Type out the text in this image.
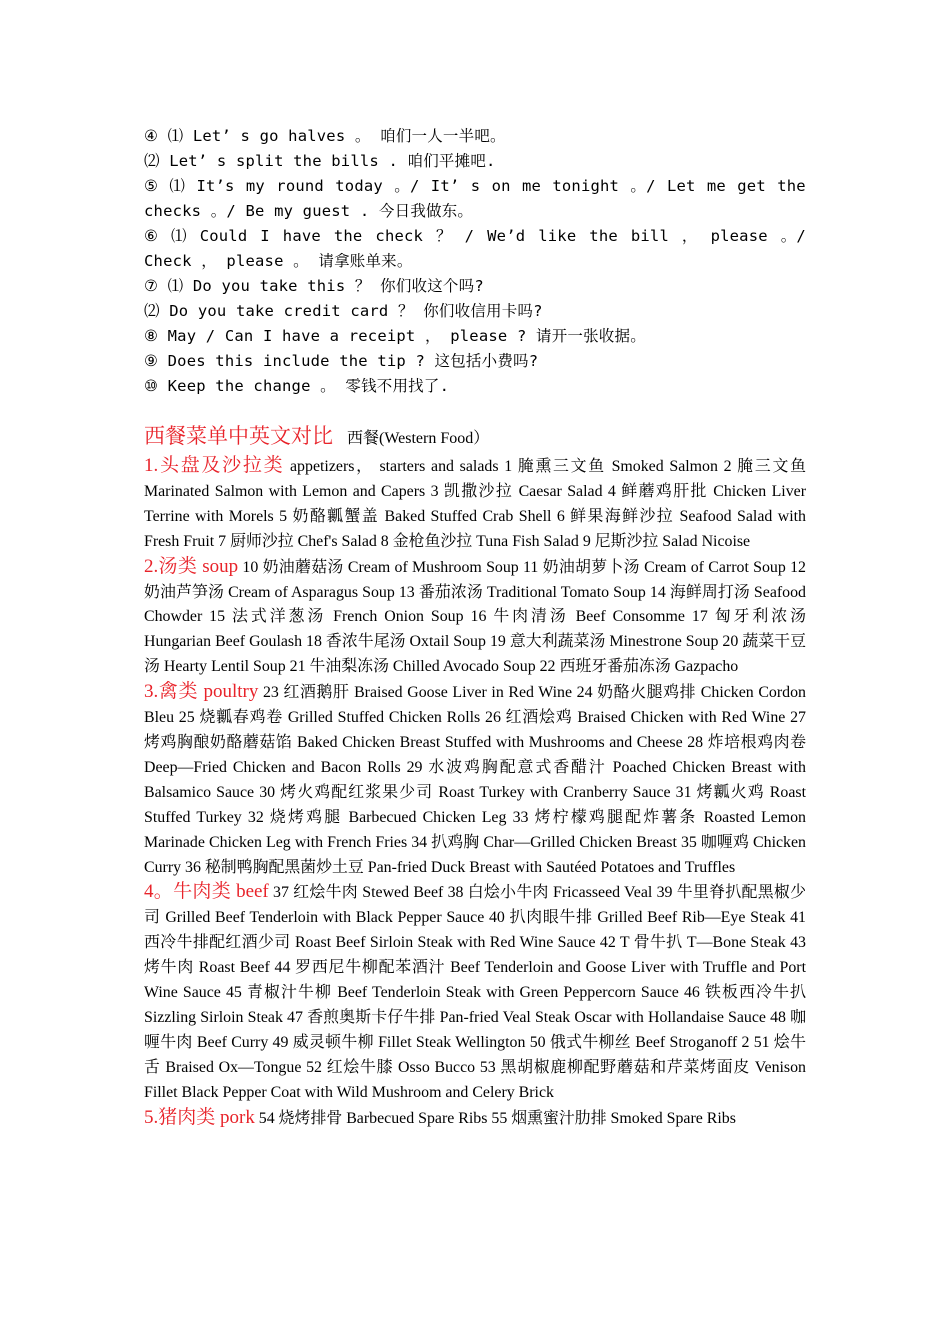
④ ⑴ Let’ s go halves 。 咱们一人一半吧。
⑵ Let’ s split the bills . 咱们平摊吧.
⑤ ⑴ It’s my round today 。/ It’ s on me tonight 。/ Let me get the
checks 。/ Be my guest . 今日我做东。
⑥ ⑴ Could I have the check ？ / We’d like the bill ， please 。/
Check ， please 。 请拿账单来。
⑦ ⑴ Do you take this ？ 你们收这个吗?
⑵ Do you take credit card ？ 你们收信用卡吗?
⑧ May / Can I have a receipt ， please ? 请开一张收据。
⑨ Does this include the tip ? 这包括小费吗?
⑩ Keep the change 。 零钱不用找了.
西餐菜单中英文对比 西餐(Western Food）

1.头盘及沙拉类 appetizers， starters and salads 1 腌熏三文鱼 Smoked Salmon 2 腌三文鱼 Marinated Salmon with Lemon and Capers 3 凯撒沙拉 Caesar Salad 4 鲜蘑鸡肝批 Chicken Liver Terrine with Morels 5 奶酪瓤蟹盖 Baked Stuffed Crab Shell 6 鲜果海鲜沙拉 Seafood Salad with Fresh Fruit 7 厨师沙拉 Chef's Salad 8 金枪鱼沙拉 Tuna Fish Salad 9 尼斯沙拉 Salad Nicoise

2.汤类 soup 10 奶油蘑菇汤 Cream of Mushroom Soup 11 奶油胡萝卜汤 Cream of Carrot Soup 12 奶油芦笋汤 Cream of Asparagus Soup 13 番茄浓汤 Traditional Tomato Soup 14 海鲜周打汤 Seafood Chowder 15 法式洋葱汤 French Onion Soup 16 牛肉清汤 Beef Consomme 17 匈牙利浓汤 Hungarian Beef Goulash 18 香浓牛尾汤 Oxtail Soup 19 意大利蔬菜汤 Minestrone Soup 20 蔬菜干豆汤 Hearty Lentil Soup 21 牛油梨冻汤 Chilled Avocado Soup 22 西班牙番茄冻汤 Gazpacho

3.禽类 poultry 23 红酒鹅肝 Braised Goose Liver in Red Wine 24 奶酪火腿鸡排 Chicken Cordon Bleu 25 烧瓤春鸡卷 Grilled Stuffed Chicken Rolls 26 红酒烩鸡 Braised Chicken with Red Wine 27 烤鸡胸酿奶酪蘑菇馅 Baked Chicken Breast Stuffed with Mushrooms and Cheese 28 炸培根鸡肉卷 Deep—Fried Chicken and Bacon Rolls 29 水波鸡胸配意式香醋汁 Poached Chicken Breast with Balsamico Sauce 30 烤火鸡配红浆果少司 Roast Turkey with Cranberry Sauce 31 烤瓤火鸡 Roast Stuffed Turkey 32 烧烤鸡腿 Barbecued Chicken Leg 33 烤柠檬鸡腿配炸薯条 Roasted Lemon Marinade Chicken Leg with French Fries 34 扒鸡胸 Char—Grilled Chicken Breast 35 咖喱鸡 Chicken Curry 36 秘制鸭胸配黑菌炒土豆 Pan-fried Duck Breast with Sautéed Potatoes and Truffles

4。牛肉类 beef 37 红烩牛肉 Stewed Beef 38 白烩小牛肉 Fricasseed Veal 39 牛里脊扒配黑椒少司 Grilled Beef Tenderloin with Black Pepper Sauce 40 扒肉眼牛排 Grilled Beef Rib—Eye Steak 41 西冷牛排配红酒少司 Roast Beef Sirloin Steak with Red Wine Sauce 42 T 骨牛扒 T—Bone Steak 43 烤牛肉 Roast Beef 44 罗西尼牛柳配苯酒汁 Beef Tenderloin and Goose Liver with Truffle and Port Wine Sauce 45 青椒汁牛柳 Beef Tenderloin Steak with Green Peppercorn Sauce 46 铁板西冷牛扒 Sizzling Sirloin Steak 47 香煎奥斯卡仔牛排 Pan-fried Veal Steak Oscar with Hollandaise Sauce 48 咖喱牛肉 Beef Curry 49 威灵顿牛柳 Fillet Steak Wellington 50 俄式牛柳丝 Beef Stroganoff 2 51 烩牛舌 Braised Ox—Tongue 52 红烩牛膝 Osso Bucco 53 黑胡椒鹿柳配野蘑菇和芹菜烤面皮 Venison Fillet Black Pepper Coat with Wild Mushroom and Celery Brick

5.猪肉类 pork 54 烧烤排骨 Barbecued Spare Ribs 55 烟熏蜜汁肋排 Smoked Spare Ribs
